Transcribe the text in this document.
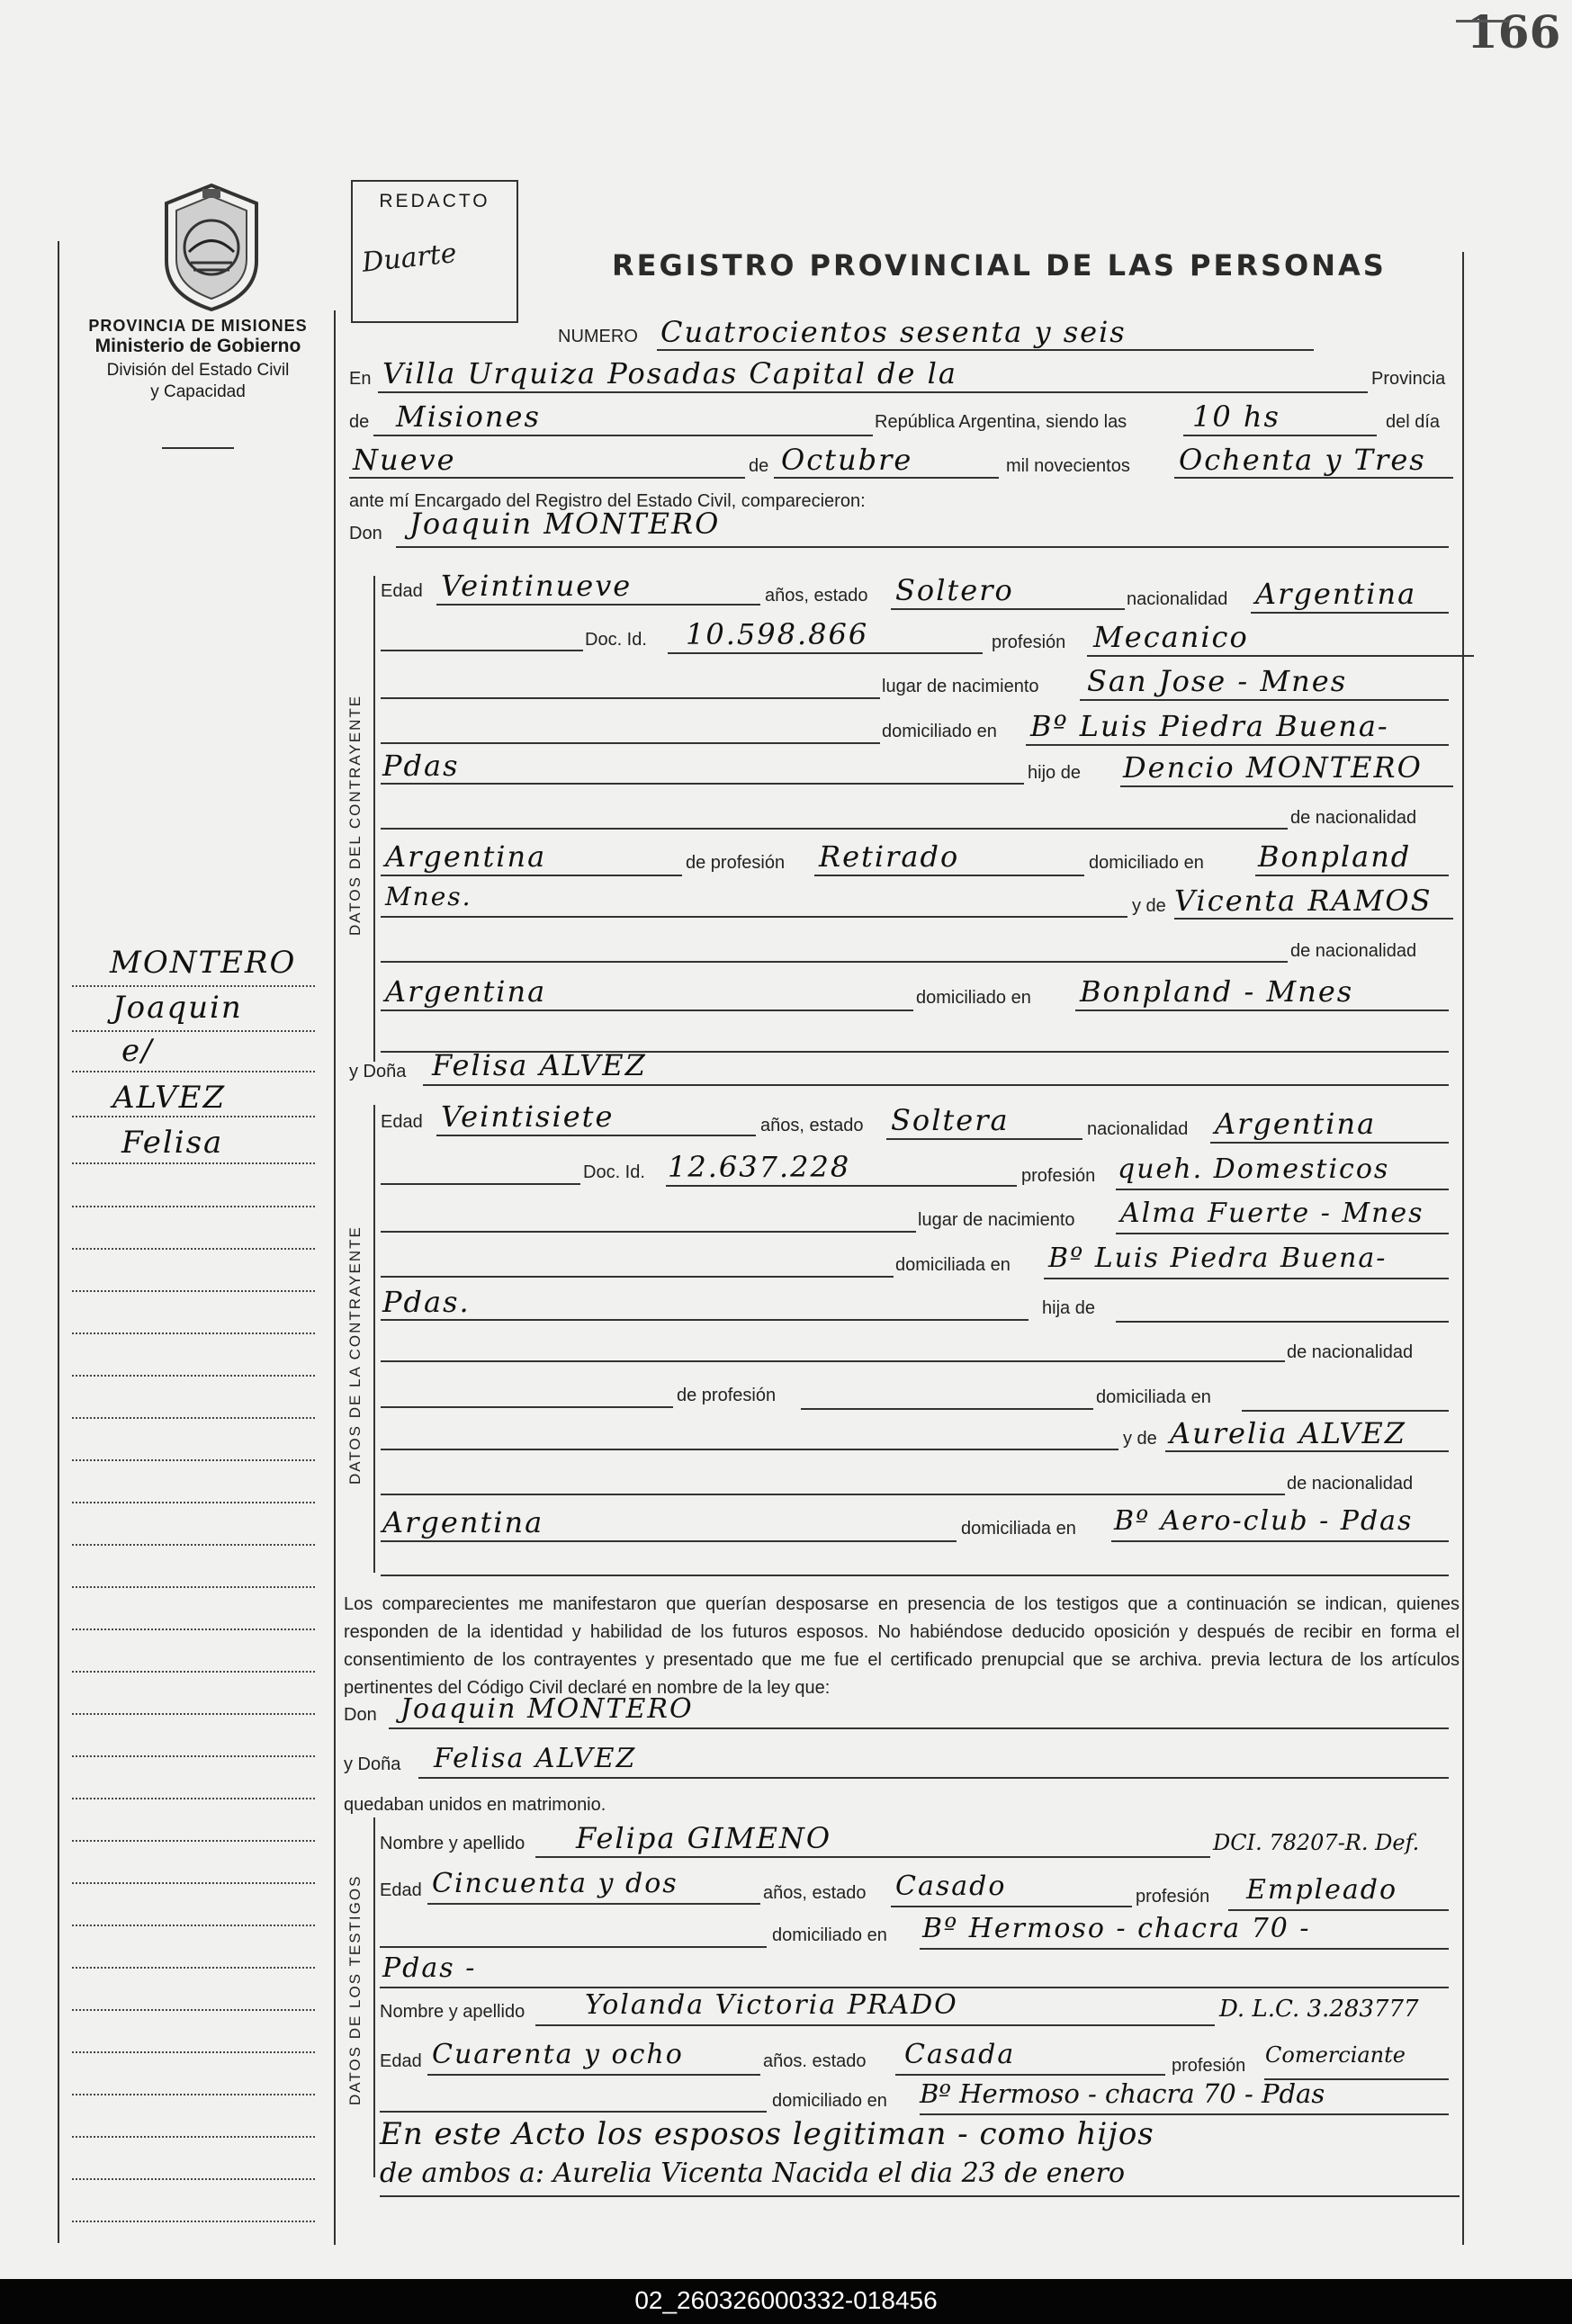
166
PROVINCIA DE MISIONES
Ministerio de Gobierno
División del Estado Civil
y Capacidad
REDACTO
Duarte	REGISTRO PROVINCIAL DE LAS PERSONAS
NUMERO Cuatrocientos sesenta y seis
En Villa Urquiza Posadas Capital de la	Provincia
de Misiones	República Argentina, siendo las 10 hs	del día
Nueve	de Octubre	mil novecientos Ochenta y Tres
ante mí Encargado del Registro del Estado Civil, comparecieron:
Don Joaquin MONTERO
DATOS DEL CONTRAYENTE
Edad Veintinueve	años, estado Soltero	nacionalidad Argentina
Doc. Id. 10.598.866	profesión Mecanico
lugar de nacimiento San Jose - Mnes
domiciliado en Bº Luis Piedra Buena-
Pdas	hijo de Dencio MONTERO
de nacionalidad
Argentina	de profesión Retirado	domiciliado en Bonpland
Mnes.	y de Vicenta RAMOS
de nacionalidad
Argentina	domiciliado en Bonpland - Mnes
y Doña Felisa ALVEZ
DATOS DE LA CONTRAYENTE
Edad Veintisiete	años, estado Soltera	nacionalidad Argentina
Doc. Id. 12.637.228	profesión queh. Domesticos
lugar de nacimiento Alma Fuerte - Mnes
domiciliada en Bº Luis Piedra Buena-
Pdas.	hija de
de nacionalidad
de profesión	domiciliada en
y de Aurelia ALVEZ
de nacionalidad
Argentina	domiciliada en Bº Aero-club - Pdas
Los comparecientes me manifestaron que querían desposarse en presencia de los testigos que a continuación se indican, quienes responden de la identidad y habilidad de los futuros esposos. No habiéndose deducido oposición y después de recibir en forma el consentimiento de los contrayentes y presentado que me fue el certificado prenupcial que se archiva. previa lectura de los artículos pertinentes del Código Civil declaré en nombre de la ley que:
Don Joaquin MONTERO
y Doña Felisa ALVEZ
quedaban unidos en matrimonio.
DATOS DE LOS TESTIGOS
Nombre y apellido Felipa GIMENO	DCI. 78207-R. Def.
Edad Cincuenta y dos	años, estado Casado	profesión Empleado
domiciliado en Bº Hermoso - chacra 70 -
Pdas -
Nombre y apellido Yolanda Victoria PRADO	D. L.C. 3.283777
Edad Cuarenta y ocho	años. estado Casada	profesión Comerciante
domiciliado en Bº Hermoso - chacra 70 - Pdas
En este Acto los esposos legitiman - como hijos
de ambos a: Aurelia Vicenta Nacida el dia 23 de enero
MONTERO
Joaquin
e/
ALVEZ
Felisa
02_260326000332-018456
